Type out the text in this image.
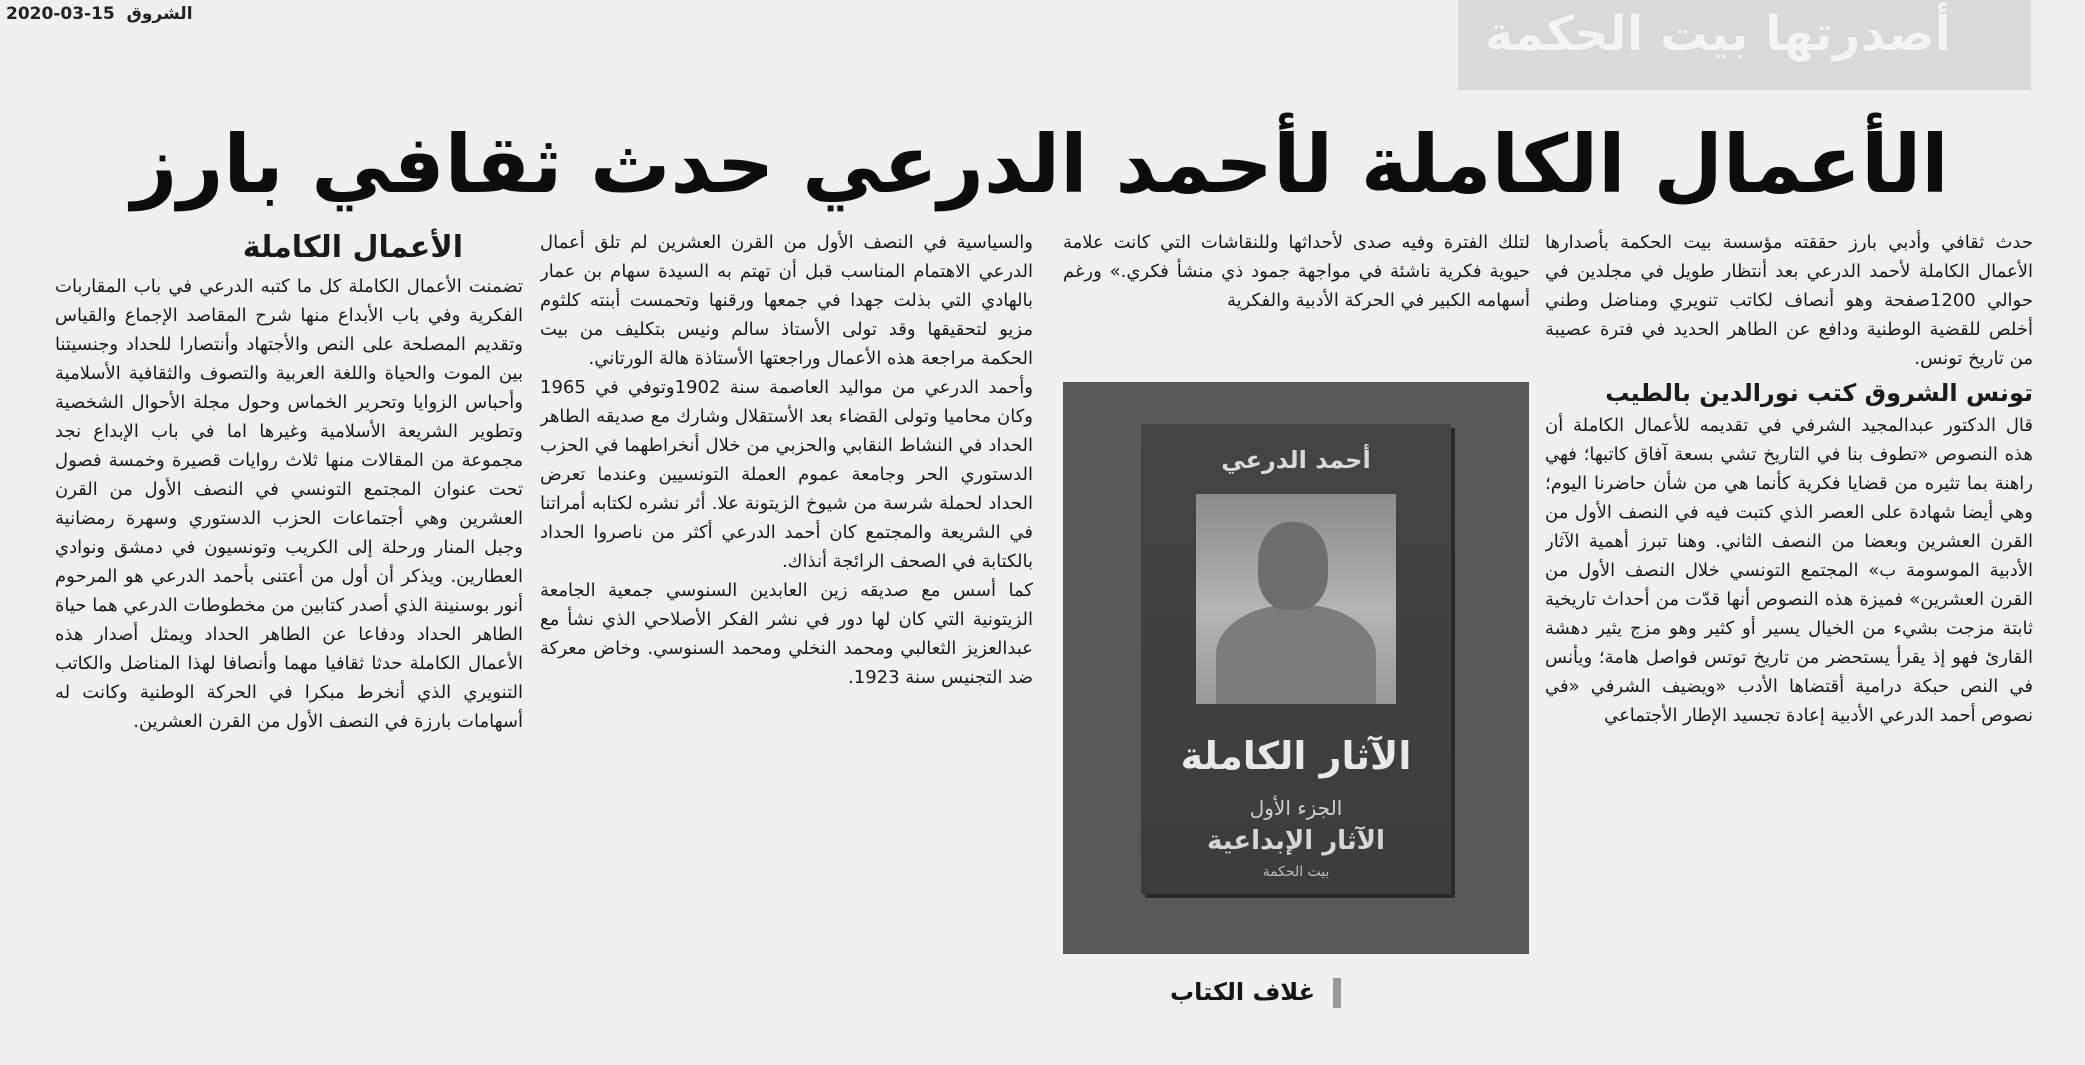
2020-03-15 الشروق	أصدرتها بيت الحكمة
الأعمال الكاملة لأحمد الدرعي حدث ثقافي بارز

حدث ثقافي وأدبي بارز حققته مؤسسة بيت الحكمة بأصدارها الأعمال الكاملة لأحمد الدرعي بعد أنتظار طويل في مجلدين في حوالي 1200صفحة وهو أنصاف لكاتب تنويري ومناضل وطني أخلص للقضية الوطنية ودافع عن الطاهر الحديد في فترة عصيبة من تاريخ تونس.

تونس الشروق كتب نورالدين بالطيب

قال الدكتور عبدالمجيد الشرفي في تقديمه للأعمال الكاملة أن هذه النصوص «تطوف بنا في التاريخ تشي بسعة آفاق كاتبها؛ فهي راهنة بما تثيره من قضايا فكرية كأنما هي من شأن حاضرنا اليوم؛ وهي أيضا شهادة على العصر الذي كتبت فيه في النصف الأول من القرن العشرين وبعضا من النصف الثاني. وهنا تبرز أهمية الآثار الأدبية الموسومة ب» المجتمع التونسي خلال النصف الأول من القرن العشرين» فميزة هذه النصوص أنها قدّت من أحداث تاريخية ثابتة مزجت بشيء من الخيال يسير أو كثير وهو مزج يثير دهشة القارئ فهو إذ يقرأ يستحضر من تاريخ توتس فواصل هامة؛ ويأنس في النص حبكة درامية أقتضاها الأدب «ويضيف الشرفي «في نصوص أحمد الدرعي الأدبية إعادة تجسيد الإطار الأجتماعي

لتلك الفترة وفيه صدى لأحداثها وللنقاشات التي كانت علامة حيوية فكرية ناشئة في مواجهة جمود ذي منشأ فكري.» ورغم أسهامه الكبير في الحركة الأدبية والفكرية

أحمد الدرعي
الآثار الكاملة
الجزء الأول
الآثار الإبداعية
بيت الحكمة
غلاف الكتاب

والسياسية في النصف الأول من القرن العشرين لم تلق أعمال الدرعي الاهتمام المناسب قبل أن تهتم به السيدة سهام بن عمار بالهادي التي بذلت جهدا في جمعها ورقنها وتحمست أبنته كلثوم مزيو لتحقيقها وقد تولى الأستاذ سالم ونيس بتكليف من بيت الحكمة مراجعة هذه الأعمال وراجعتها الأستاذة هالة الورتاني.

وأحمد الدرعي من مواليد العاصمة سنة 1902وتوفي في 1965 وكان محاميا وتولى القضاء بعد الأستقلال وشارك مع صديقه الطاهر الحداد في النشاط النقابي والحزبي من خلال أنخراطهما في الحزب الدستوري الحر وجامعة عموم العملة التونسيين وعندما تعرض الحداد لحملة شرسة من شيوخ الزيتونة علا. أثر نشره لكتابه أمراتنا في الشريعة والمجتمع كان أحمد الدرعي أكثر من ناصروا الحداد بالكتابة في الصحف الرائجة أنذاك.

كما أسس مع صديقه زين العابدين السنوسي جمعية الجامعة الزيتونية التي كان لها دور في نشر الفكر الأصلاحي الذي نشأ مع عبدالعزيز الثعالبي ومحمد النخلي ومحمد السنوسي. وخاض معركة ضد التجنيس سنة 1923.

الأعمال الكاملة

تضمنت الأعمال الكاملة كل ما كتبه الدرعي في باب المقاربات الفكرية وفي باب الأبداع منها شرح المقاصد الإجماع والقياس وتقديم المصلحة على النص والأجتهاد وأنتصارا للحداد وجنسيتنا بين الموت والحياة واللغة العربية والتصوف والثقافية الأسلامية وأحباس الزوايا وتحرير الخماس وحول مجلة الأحوال الشخصية وتطوير الشريعة الأسلامية وغيرها اما في باب الإبداع نجد مجموعة من المقالات منها ثلاث روايات قصيرة وخمسة فصول تحت عنوان المجتمع التونسي في النصف الأول من القرن العشرين وهي أجتماعات الحزب الدستوري وسهرة رمضانية وجبل المنار ورحلة إلى الكريب وتونسيون في دمشق ونوادي العطارين. ويذكر أن أول من أعتنى بأحمد الدرعي هو المرحوم أنور بوسنينة الذي أصدر كتابين من مخطوطات الدرعي هما حياة الطاهر الحداد ودفاعا عن الطاهر الحداد ويمثل أصدار هذه الأعمال الكاملة حدثا ثقافيا مهما وأنصافا لهذا المناضل والكاتب التنويري الذي أنخرط مبكرا في الحركة الوطنية وكانت له أسهامات بارزة في النصف الأول من القرن العشرين.
